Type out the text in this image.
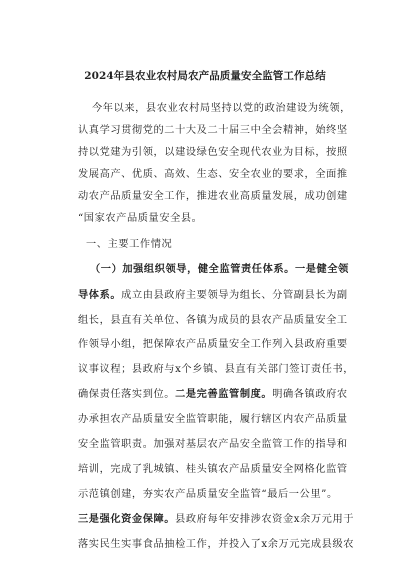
2024年县农业农村局农产品质量安全监管工作总结
今年以来，县农业农村局坚持以党的政治建设为统领，
认真学习贯彻党的二十大及二十届三中全会精神，始终坚
持以党建为引领，以建设绿色安全现代农业为目标，按照
发展高产、优质、高效、生态、安全农业的要求，全面推
动农产品质量安全工作，推进农业高质量发展，成功创建
“国家农产品质量安全县。
一、主要工作情况
（一）加强组织领导，健全监管责任体系。一是健全领
导体系。成立由县政府主要领导为组长、分管副县长为副
组长，县直有关单位、各镇为成员的县农产品质量安全工
作领导小组，把保障农产品质量安全工作列入县政府重要
议事议程；县政府与x个乡镇、县直有关部门签订责任书，
确保责任落实到位。二是完善监管制度。明确各镇政府农
办承担农产品质量安全监管职能，履行辖区内农产品质量
安全监管职责。加强对基层农产品安全监管工作的指导和
培训，完成了乳城镇、桂头镇农产品质量安全网格化监管
示范镇创建，夯实农产品质量安全监管“最后一公里”。
三是强化资金保障。县政府每年安排涉农资金x余万元用于
落实民生实事食品抽检工作，并投入了x余万元完成县级农
